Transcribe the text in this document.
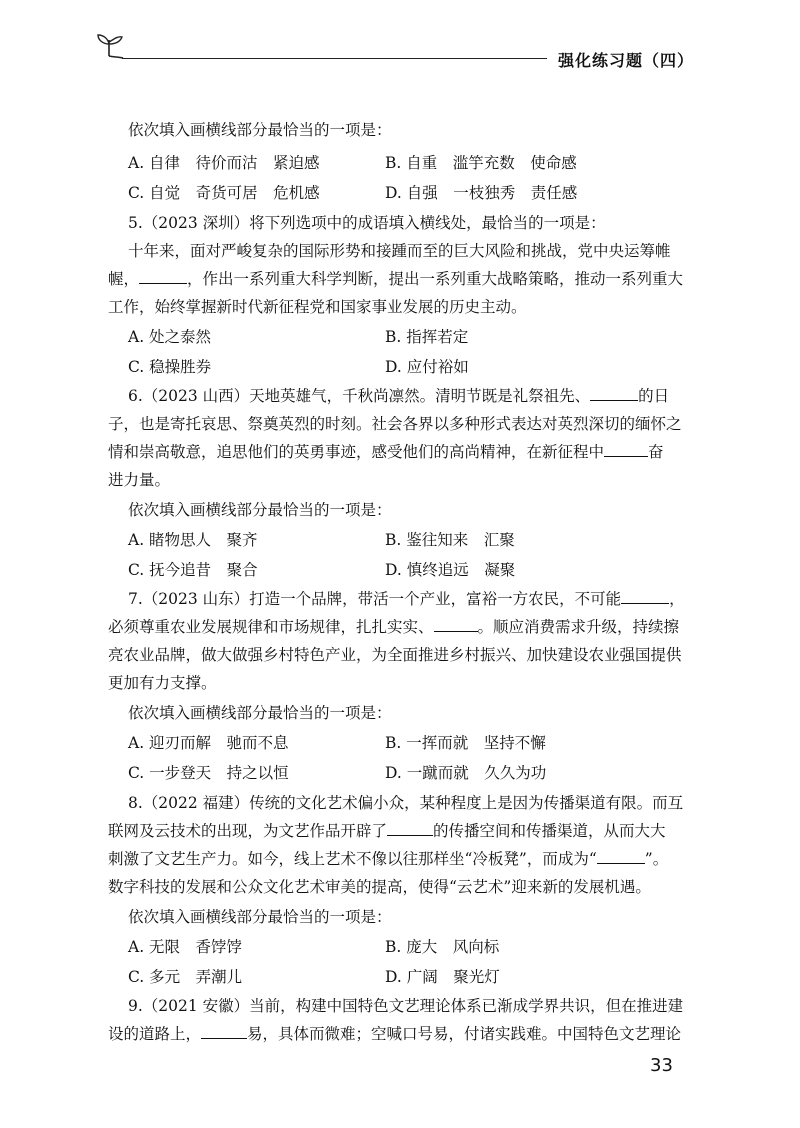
强化练习题（四）
依次填入画横线部分最恰当的一项是：
A. 自律　待价而沽　紧迫感	B. 自重　滥竽充数　使命感
C. 自觉　奇货可居　危机感	D. 自强　一枝独秀　责任感
5.（2023 深圳）将下列选项中的成语填入横线处，最恰当的一项是：
十年来，面对严峻复杂的国际形势和接踵而至的巨大风险和挑战，党中央运筹帷
幄，	，作出一系列重大科学判断，提出一系列重大战略策略，推动一系列重大
工作，始终掌握新时代新征程党和国家事业发展的历史主动。
A. 处之泰然	B. 指挥若定
C. 稳操胜券	D. 应付裕如
6.（2023 山西）天地英雄气，千秋尚凛然。清明节既是礼祭祖先、	的日
子，也是寄托哀思、祭奠英烈的时刻。社会各界以多种形式表达对英烈深切的缅怀之
情和崇高敬意，追思他们的英勇事迹，感受他们的高尚精神，在新征程中	奋
进力量。
依次填入画横线部分最恰当的一项是：
A. 睹物思人　聚齐	B. 鉴往知来　汇聚
C. 抚今追昔　聚合	D. 慎终追远　凝聚
7.（2023 山东）打造一个品牌，带活一个产业，富裕一方农民，不可能	，
必须尊重农业发展规律和市场规律，扎扎实实、	。顺应消费需求升级，持续擦
亮农业品牌，做大做强乡村特色产业，为全面推进乡村振兴、加快建设农业强国提供
更加有力支撑。
依次填入画横线部分最恰当的一项是：
A. 迎刃而解　驰而不息	B. 一挥而就　坚持不懈
C. 一步登天　持之以恒	D. 一蹴而就　久久为功
8.（2022 福建）传统的文化艺术偏小众，某种程度上是因为传播渠道有限。而互
联网及云技术的出现，为文艺作品开辟了	的传播空间和传播渠道，从而大大
刺激了文艺生产力。如今，线上艺术不像以往那样坐“冷板凳”，而成为“	”。
数字科技的发展和公众文化艺术审美的提高，使得“云艺术”迎来新的发展机遇。
依次填入画横线部分最恰当的一项是：
A. 无限　香饽饽	B. 庞大　风向标
C. 多元　弄潮儿	D. 广阔　聚光灯
9.（2021 安徽）当前，构建中国特色文艺理论体系已渐成学界共识，但在推进建
设的道路上，	易，具体而微难；空喊口号易，付诸实践难。中国特色文艺理论
33
